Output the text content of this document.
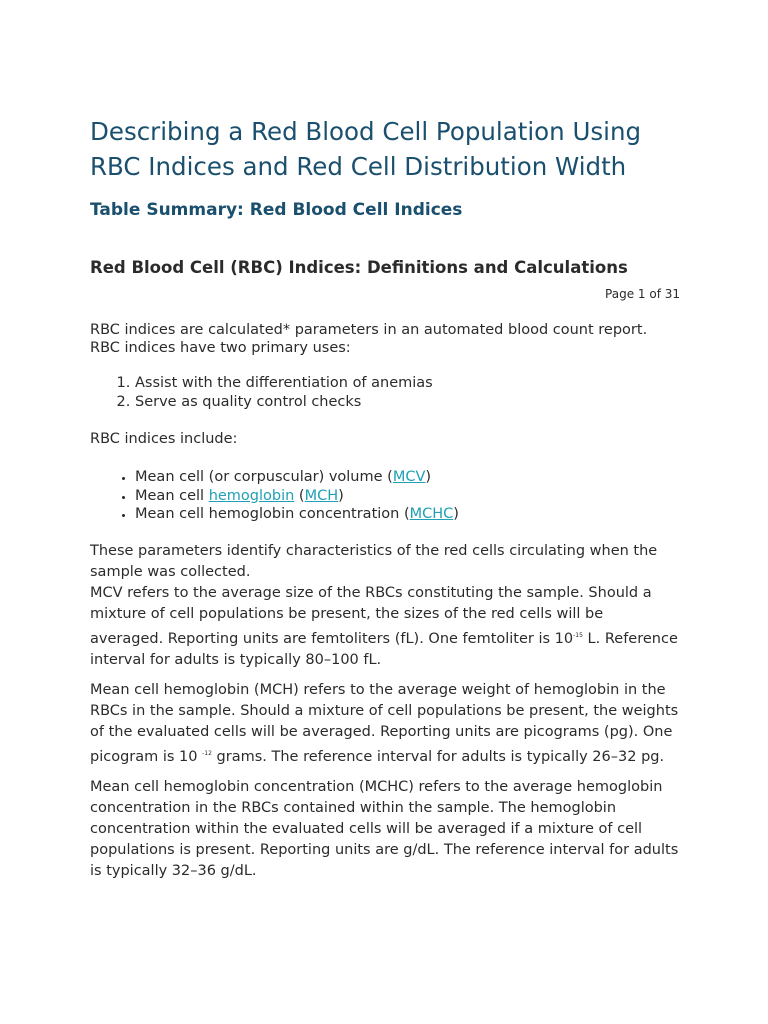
Describing a Red Blood Cell Population Using RBC Indices and Red Cell Distribution Width
Table Summary: Red Blood Cell Indices
Red Blood Cell (RBC) Indices: Definitions and Calculations
Page 1 of 31

RBC indices are calculated* parameters in an automated blood count report.
RBC indices have two primary uses:

1. Assist with the differentiation of anemias
2. Serve as quality control checks

RBC indices include:

• Mean cell (or corpuscular) volume (MCV)
• Mean cell hemoglobin (MCH)
• Mean cell hemoglobin concentration (MCHC)

These parameters identify characteristics of the red cells circulating when the sample was collected.

MCV refers to the average size of the RBCs constituting the sample. Should a mixture of cell populations be present, the sizes of the red cells will be averaged. Reporting units are femtoliters (fL). One femtoliter is $10^{-15}$ L. Reference interval for adults is typically 80–100 fL.

Mean cell hemoglobin (MCH) refers to the average weight of hemoglobin in the RBCs in the sample. Should a mixture of cell populations be present, the weights of the evaluated cells will be averaged. Reporting units are picograms (pg). One picogram is 10 $^{-12}$ grams. The reference interval for adults is typically 26–32 pg.

Mean cell hemoglobin concentration (MCHC) refers to the average hemoglobin concentration in the RBCs contained within the sample. The hemoglobin concentration within the evaluated cells will be averaged if a mixture of cell populations is present. Reporting units are g/dL. The reference interval for adults is typically 32–36 g/dL.
